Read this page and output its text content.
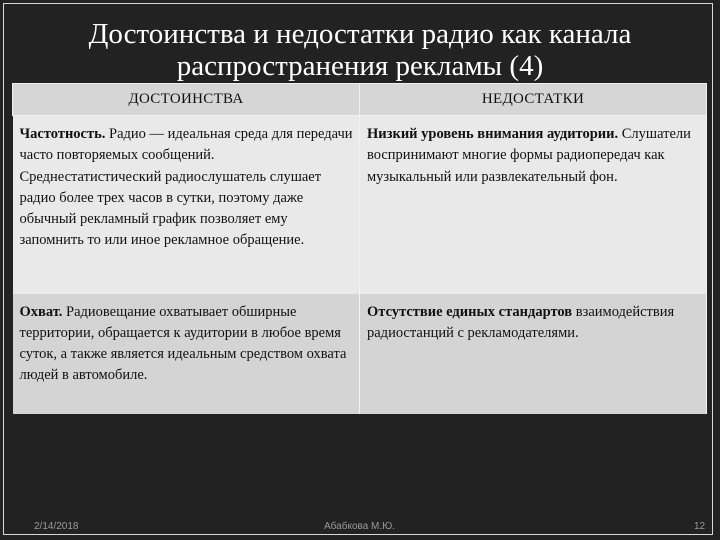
Достоинства и недостатки радио как канала
распространения рекламы (4)
ДОСТОИНСТВА	НЕДОСТАТКИ
Частотность. Радио — идеальная среда для передачи часто повторяемых сообщений. Среднестатистический радиослушатель слушает радио более трех часов в сутки, поэтому даже обычный рекламный график позволяет ему запомнить то или иное рекламное обращение.	Низкий уровень внимания аудитории. Слушатели воспринимают многие формы радиопередач как музыкальный или развлекательный фон.
Охват. Радиовещание охватывает обширные территории, обращается к аудитории в любое время суток, а также является идеальным средством охвата людей в автомобиле.	Отсутствие единых стандартов взаимодействия радиостанций с рекламодателями.
2/14/2018	Абабкова М.Ю.	12
